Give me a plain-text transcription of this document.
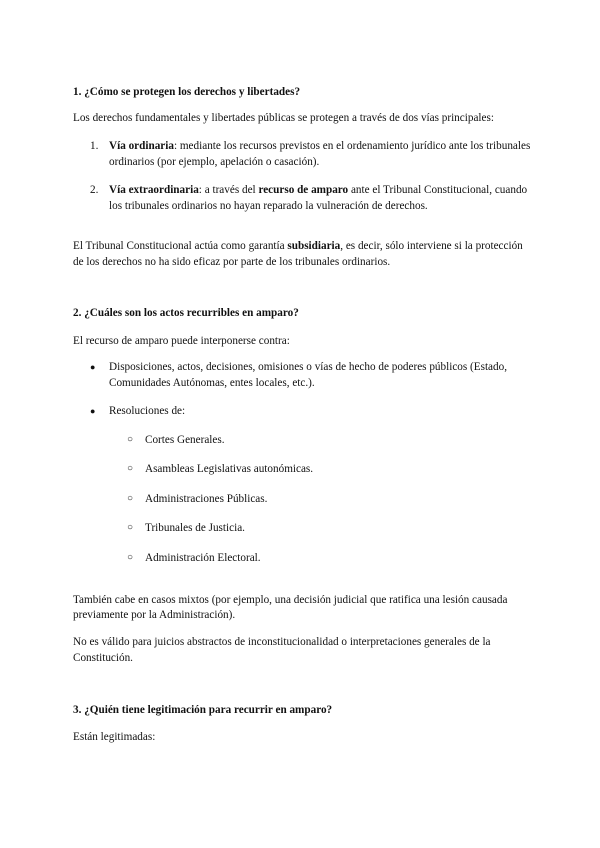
1. ¿Cómo se protegen los derechos y libertades?
Los derechos fundamentales y libertades públicas se protegen a través de dos vías principales:
1. Vía ordinaria: mediante los recursos previstos en el ordenamiento jurídico ante los tribunales
ordinarios (por ejemplo, apelación o casación).
2. Vía extraordinaria: a través del recurso de amparo ante el Tribunal Constitucional, cuando
los tribunales ordinarios no hayan reparado la vulneración de derechos.
El Tribunal Constitucional actúa como garantía subsidiaria, es decir, sólo interviene si la protección
de los derechos no ha sido eficaz por parte de los tribunales ordinarios.
2. ¿Cuáles son los actos recurribles en amparo?
El recurso de amparo puede interponerse contra:
● Disposiciones, actos, decisiones, omisiones o vías de hecho de poderes públicos (Estado,
Comunidades Autónomas, entes locales, etc.).
● Resoluciones de:
○ Cortes Generales.
○ Asambleas Legislativas autonómicas.
○ Administraciones Públicas.
○ Tribunales de Justicia.
○ Administración Electoral.
También cabe en casos mixtos (por ejemplo, una decisión judicial que ratifica una lesión causada
previamente por la Administración).
No es válido para juicios abstractos de inconstitucionalidad o interpretaciones generales de la
Constitución.
3. ¿Quién tiene legitimación para recurrir en amparo?
Están legitimadas:
